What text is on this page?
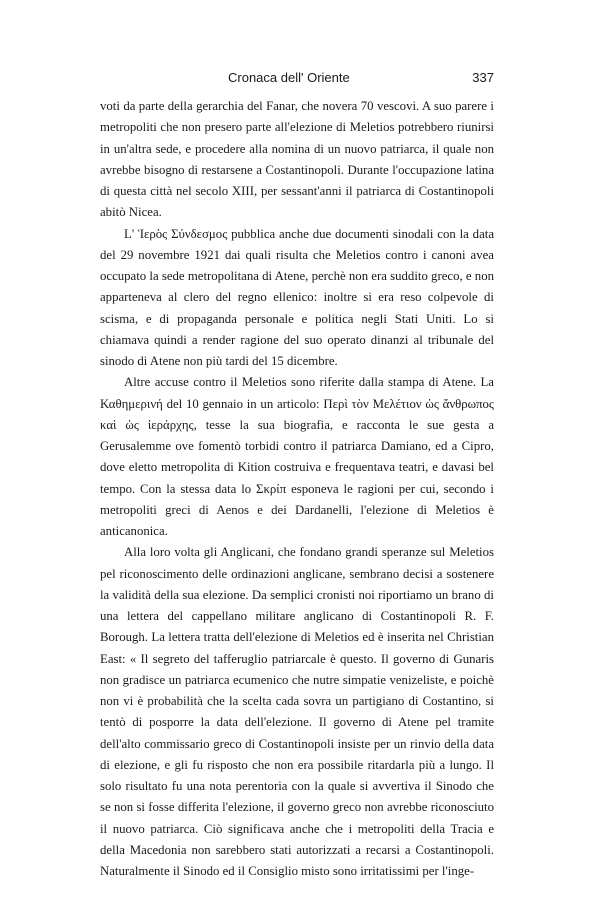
Cronaca dell' Oriente	337

voti da parte della gerarchia del Fanar, che novera 70 vescovi. A suo parere i metropoliti che non presero parte all'elezione di Meletios potrebbero riunirsi in un'altra sede, e procedere alla nomina di un nuovo patriarca, il quale non avrebbe bisogno di restarsene a Costantinopoli. Durante l'occupazione latina di questa città nel secolo XIII, per sessant'anni il patriarca di Costantinopoli abitò Nicea.

L' Ἱερὸς Σύνδεσμος pubblica anche due documenti sinodali con la data del 29 novembre 1921 dai quali risulta che Meletios contro i canoni avea occupato la sede metropolitana di Atene, perchè non era suddito greco, e non apparteneva al clero del regno ellenico: inoltre si era reso colpevole di scisma, e di propaganda personale e politica negli Stati Uniti. Lo si chiamava quindi a render ragione del suo operato dinanzi al tribunale del sinodo di Atene non più tardi del 15 dicembre.

Altre accuse contro il Meletios sono riferite dalla stampa di Atene. La Καθημερινή del 10 gennaio in un articolo: Περὶ τὸν Μελέτιον ὡς ἄνθρωπος καὶ ὡς ἱεράρχης, tesse la sua biografia, e racconta le sue gesta a Gerusalemme ove fomentò torbidi contro il patriarca Damiano, ed a Cipro, dove eletto metropolita di Kition costruiva e frequentava teatri, e davasi bel tempo. Con la stessa data lo Σκρίπ esponeva le ragioni per cui, secondo i metropoliti greci di Aenos e dei Dardanelli, l'elezione di Meletios è anticanonica.

Alla loro volta gli Anglicani, che fondano grandi speranze sul Meletios pel riconoscimento delle ordinazioni anglicane, sembrano decisi a sostenere la validità della sua elezione. Da semplici cronisti noi riportiamo un brano di una lettera del cappellano militare anglicano di Costantinopoli R. F. Borough. La lettera tratta dell'elezione di Meletios ed è inserita nel Christian East: « Il segreto del tafferuglio patriarcale è questo. Il governo di Gunaris non gradisce un patriarca ecumenico che nutre simpatie venizeliste, e poichè non vi è probabilità che la scelta cada sovra un partigiano di Costantino, si tentò di posporre la data dell'elezione. Il governo di Atene pel tramite dell'alto commissario greco di Costantinopoli insiste per un rinvio della data di elezione, e gli fu risposto che non era possibile ritardarla più a lungo. Il solo risultato fu una nota perentoria con la quale si avvertiva il Sinodo che se non si fosse differita l'elezione, il governo greco non avrebbe riconosciuto il nuovo patriarca. Ciò significava anche che i metropoliti della Tracia e della Macedonia non sarebbero stati autorizzati a recarsi a Costantinopoli. Naturalmente il Sinodo ed il Consiglio misto sono irritatissimi per l'inge-
